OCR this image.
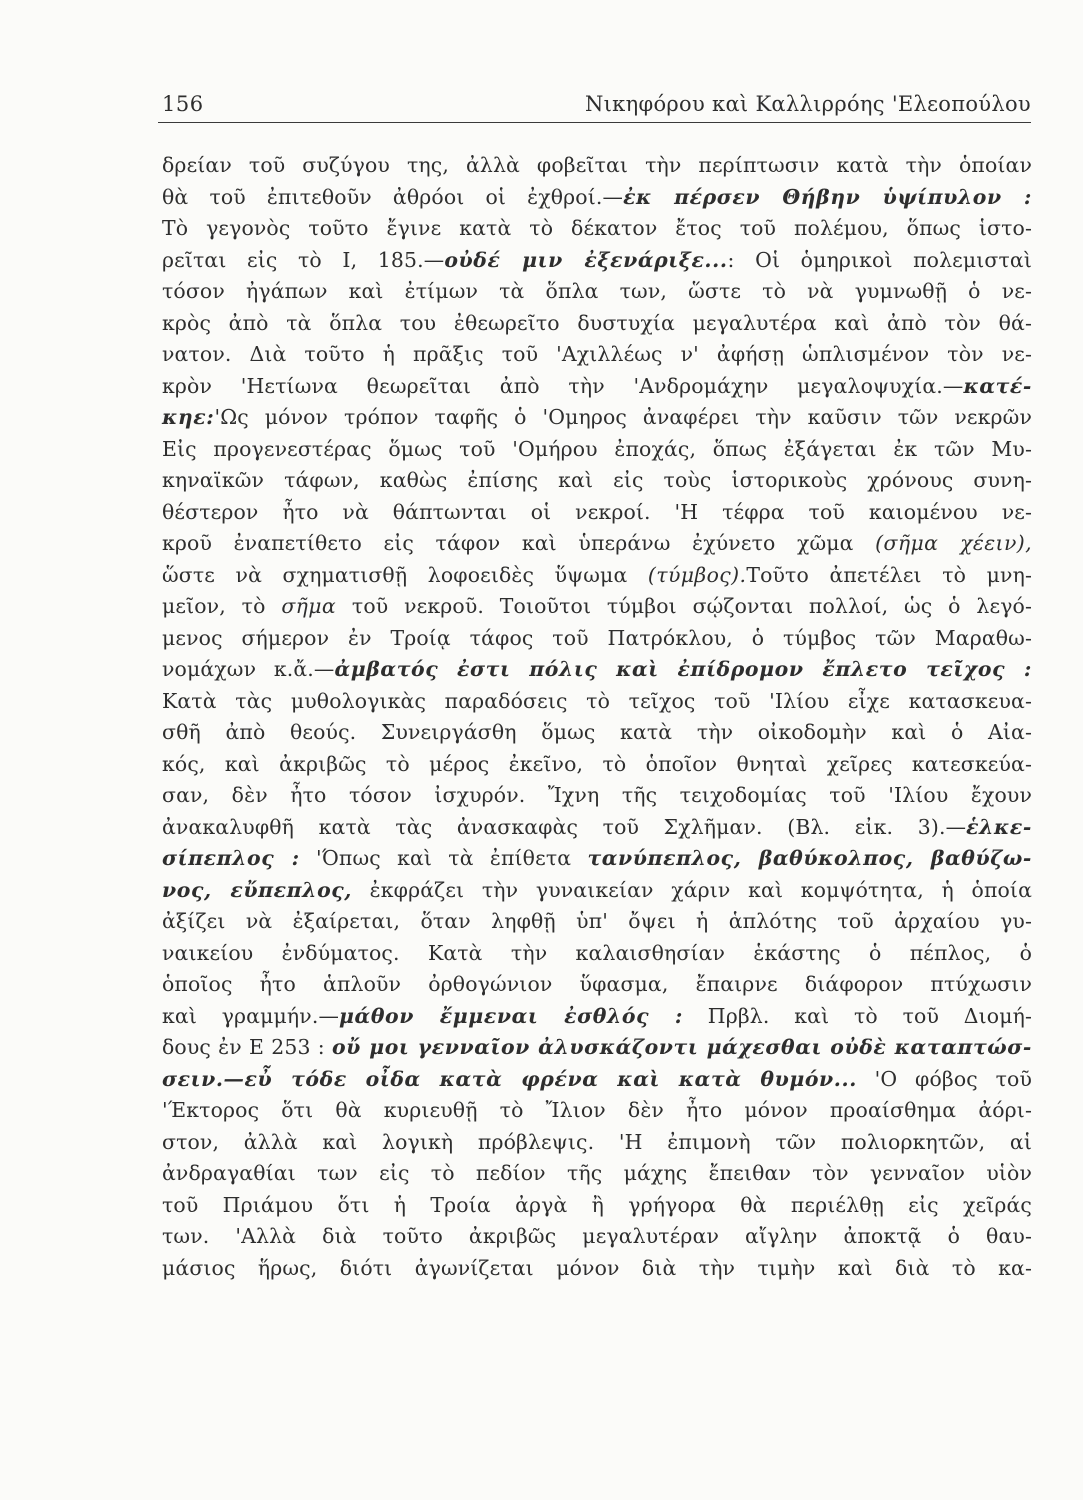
156	Νικηφόρου καὶ Καλλιρρόης 'Ελεοπούλου
δρείαν τοῦ συζύγου της, ἀλλὰ φοβεῖται τὴν περίπτωσιν κατὰ τὴν ὁποίαν
θὰ τοῦ ἐπιτεθοῦν ἀθρόοι οἱ ἐχθροί.—ἐκ πέρσεν Θήβην ὑψίπυλον :
Τὸ γεγονὸς τοῦτο ἔγινε κατὰ τὸ δέκατον ἔτος τοῦ πολέμου, ὅπως ἱστο-
ρεῖται εἰς τὸ I, 185.—οὐδέ μιν ἐξενάριξε...: Οἱ ὁμηρικοὶ πολεμισταὶ
τόσον ἠγάπων καὶ ἐτίμων τὰ ὅπλα των, ὥστε τὸ νὰ γυμνωθῇ ὁ νε-
κρὸς ἀπὸ τὰ ὅπλα του ἐθεωρεῖτο δυστυχία μεγαλυτέρα καὶ ἀπὸ τὸν θά-
νατον. Διὰ τοῦτο ἡ πρᾶξις τοῦ 'Αχιλλέως ν' ἀφήσῃ ὡπλισμένον τὸν νε-
κρὸν 'Ηετίωνα θεωρεῖται ἀπὸ τὴν 'Ανδρομάχην μεγαλοψυχία.—κατέ-
κηε:'Ως μόνον τρόπον ταφῆς ὁ 'Ομηρος ἀναφέρει τὴν καῦσιν τῶν νεκρῶν
Εἰς προγενεστέρας ὅμως τοῦ 'Ομήρου ἐποχάς, ὅπως ἐξάγεται ἐκ τῶν Μυ-
κηναϊκῶν τάφων, καθὼς ἐπίσης καὶ εἰς τοὺς ἱστορικοὺς χρόνους συνη-
θέστερον ἦτο νὰ θάπτωνται οἱ νεκροί. 'Η τέφρα τοῦ καιομένου νε-
κροῦ ἐναπετίθετο εἰς τάφον καὶ ὑπεράνω ἐχύνετο χῶμα (σῆμα χέειν),
ὥστε νὰ σχηματισθῇ λοφοειδὲς ὕψωμα (τύμβος).Τοῦτο ἀπετέλει τὸ μνη-
μεῖον, τὸ σῆμα τοῦ νεκροῦ. Τοιοῦτοι τύμβοι σῴζονται πολλοί, ὡς ὁ λεγό-
μενος σήμερον ἐν Τροίᾳ τάφος τοῦ Πατρόκλου, ὁ τύμβος τῶν Μαραθω-
νομάχων κ.ἄ.—ἀμβατός ἐστι πόλις καὶ ἐπίδρομον ἔπλετο τεῖχος :
Κατὰ τὰς μυθολογικὰς παραδόσεις τὸ τεῖχος τοῦ 'Ιλίου εἶχε κατασκευα-
σθῆ ἀπὸ θεούς. Συνειργάσθη ὅμως κατὰ τὴν οἰκοδομὴν καὶ ὁ Αἰα-
κός, καὶ ἀκριβῶς τὸ μέρος ἐκεῖνο, τὸ ὁποῖον θνηταὶ χεῖρες κατεσκεύα-
σαν, δὲν ἦτο τόσον ἰσχυρόν. Ἴχνη τῆς τειχοδομίας τοῦ 'Ιλίου ἔχουν
ἀνακαλυφθῆ κατὰ τὰς ἀνασκαφὰς τοῦ Σχλῆμαν. (Βλ. εἰκ. 3).—ἑλκε-
σίπεπλος : 'Όπως καὶ τὰ ἐπίθετα τανύπεπλος, βαθύκολπος, βαθύζω-
νος, εὔπεπλος, ἐκφράζει τὴν γυναικείαν χάριν καὶ κομψότητα, ἡ ὁποία
ἀξίζει νὰ ἐξαίρεται, ὅταν ληφθῇ ὑπ' ὄψει ἡ ἁπλότης τοῦ ἀρχαίου γυ-
ναικείου ἐνδύματος. Κατὰ τὴν καλαισθησίαν ἑκάστης ὁ πέπλος, ὁ
ὁποῖος ἦτο ἁπλοῦν ὀρθογώνιον ὕφασμα, ἔπαιρνε διάφορον πτύχωσιν
καὶ γραμμήν.—μάθον ἔμμεναι ἐσθλός : Πρβλ. καὶ τὸ τοῦ Διομή-
δους ἐν Ε 253 : οὔ μοι γενναῖον ἀλυσκάζοντι μάχεσθαι οὐδὲ καταπτώσ-
σειν.—εὖ τόδε οἶδα κατὰ φρένα καὶ κατὰ θυμόν... 'Ο φόβος τοῦ
'Έκτορος ὅτι θὰ κυριευθῇ τὸ Ἴλιον δὲν ἦτο μόνον προαίσθημα ἀόρι-
στον, ἀλλὰ καὶ λογικὴ πρόβλεψις. 'Η ἐπιμονὴ τῶν πολιορκητῶν, αἱ
ἀνδραγαθίαι των εἰς τὸ πεδίον τῆς μάχης ἔπειθαν τὸν γενναῖον υἱὸν
τοῦ Πριάμου ὅτι ἡ Τροία ἀργὰ ἢ γρήγορα θὰ περιέλθῃ εἰς χεῖράς
των. 'Αλλὰ διὰ τοῦτο ἀκριβῶς μεγαλυτέραν αἴγλην ἀποκτᾷ ὁ θαυ-
μάσιος ἥρως, διότι ἀγωνίζεται μόνον διὰ τὴν τιμὴν καὶ διὰ τὸ κα-
